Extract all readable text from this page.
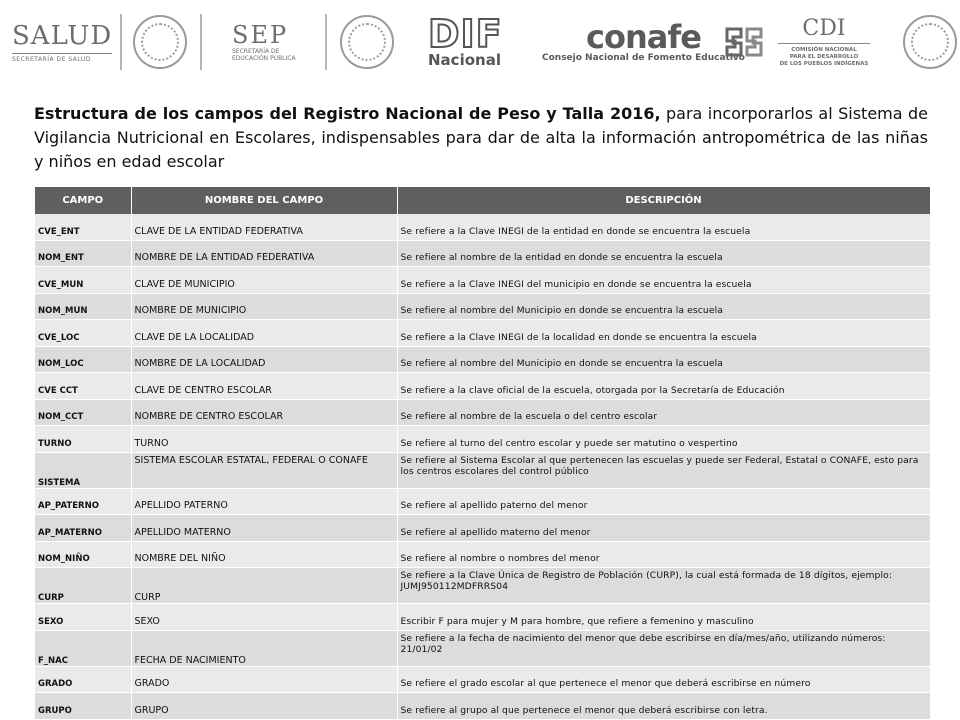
SALUD
SECRETARÍA DE SALUD
SEP
SECRETARÍA DE
EDUCACIÓN PÚBLICA
DIF
Nacional
conafe
Consejo Nacional de Fomento Educativo
CDI
COMISIÓN NACIONAL
PARA EL DESARROLLO
DE LOS PUEBLOS INDÍGENAS
Estructura de los campos del Registro Nacional de Peso y Talla 2016, para incorporarlos al Sistema de Vigilancia Nutricional en Escolares, indispensables para dar de alta la información antropométrica de las niñas y niños en edad escolar
CAMPO	NOMBRE DEL CAMPO	DESCRIPCIÓN
CVE_ENT	CLAVE DE LA ENTIDAD FEDERATIVA	Se refiere a la Clave INEGI de la entidad en donde se encuentra la escuela
NOM_ENT	NOMBRE DE LA ENTIDAD FEDERATIVA	Se refiere al nombre de la entidad en donde se encuentra la escuela
CVE_MUN	CLAVE DE MUNICIPIO	Se refiere a la Clave INEGI del municipio en donde se encuentra la escuela
NOM_MUN	NOMBRE DE MUNICIPIO	Se refiere al nombre del Municipio en donde se encuentra la escuela
CVE_LOC	CLAVE DE LA LOCALIDAD	Se refiere a la Clave INEGI de la localidad en donde se encuentra la escuela
NOM_LOC	NOMBRE DE LA LOCALIDAD	Se refiere al nombre del Municipio en donde se encuentra la escuela
CVE CCT	CLAVE DE CENTRO ESCOLAR	Se refiere a la clave oficial de la escuela, otorgada por la Secretaría de Educación
NOM_CCT	NOMBRE DE CENTRO ESCOLAR	Se refiere al nombre de la escuela o del centro escolar
TURNO	TURNO	Se refiere al turno del centro escolar y puede ser matutino o vespertino
SISTEMA	SISTEMA ESCOLAR ESTATAL, FEDERAL O CONAFE	Se refiere al Sistema Escolar al que pertenecen las escuelas y puede ser Federal, Estatal o CONAFE, esto para los centros escolares del control público
AP_PATERNO	APELLIDO PATERNO	Se refiere al apellido paterno del menor
AP_MATERNO	APELLIDO MATERNO	Se refiere al apellido materno del menor
NOM_NIÑO	NOMBRE DEL NIÑO	Se refiere al nombre o nombres del menor
CURP	CURP	Se refiere a la Clave Única de Registro de Población (CURP), la cual está formada de 18 dígitos, ejemplo: JUMJ950112MDFRRS04
SEXO	SEXO	Escribir F para mujer y M para hombre, que refiere a femenino y masculino
F_NAC	FECHA DE NACIMIENTO	Se refiere a la fecha de nacimiento del menor que debe escribirse en día/mes/año, utilizando números: 21/01/02
GRADO	GRADO	Se refiere el grado escolar al que pertenece el menor que deberá escribirse en número
GRUPO	GRUPO	Se refiere al grupo al que pertenece el menor que deberá escribirse con letra.
